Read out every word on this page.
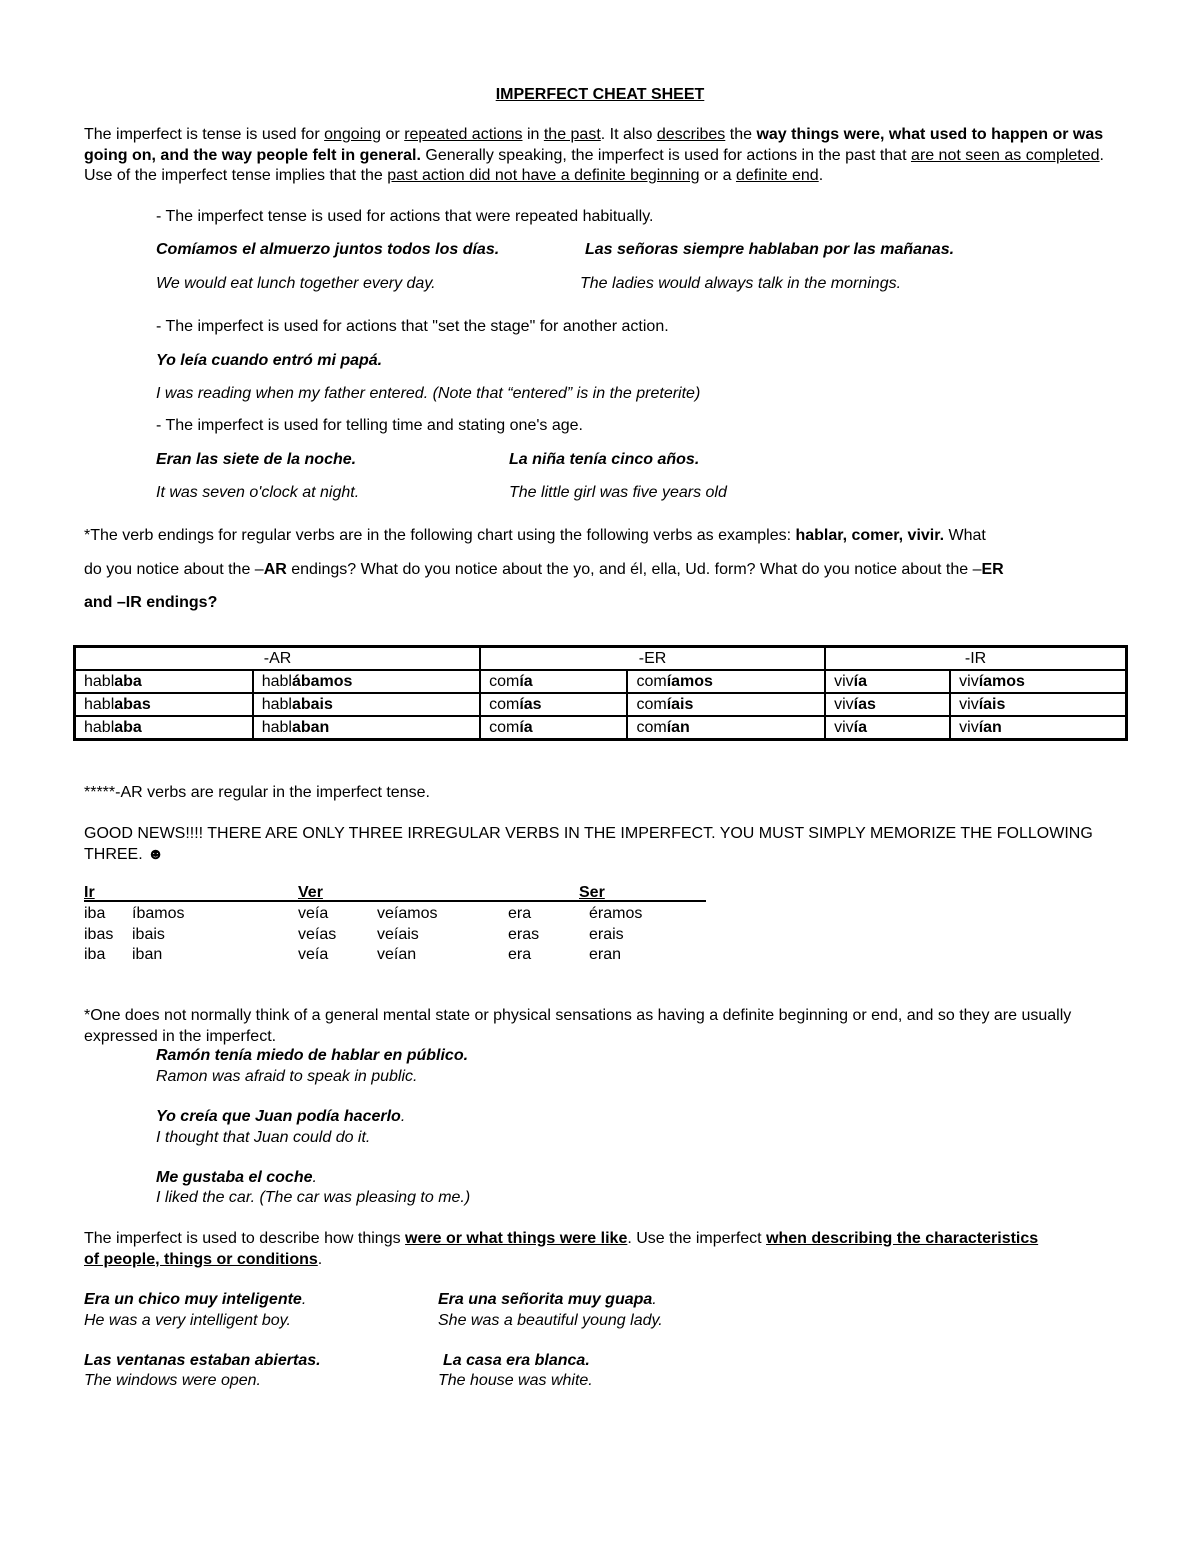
IMPERFECT CHEAT SHEET

The imperfect is tense is used for ongoing or repeated actions in the past. It also describes the way things were, what used to happen or was going on, and the way people felt in general. Generally speaking, the imperfect is used for actions in the past that are not seen as completed. Use of the imperfect tense implies that the past action did not have a definite beginning or a definite end.

- The imperfect tense is used for actions that were repeated habitually.
Comíamos el almuerzo juntos todos los días.	Las señoras siempre hablaban por las mañanas.
We would eat lunch together every day.	The ladies would always talk in the mornings.
- The imperfect is used for actions that "set the stage" for another action.
Yo leía cuando entró mi papá.
I was reading when my father entered. (Note that “entered” is in the preterite)
- The imperfect is used for telling time and stating one's age.
Eran las siete de la noche.	La niña tenía cinco años.
It was seven o'clock at night.	The little girl was five years old
*The verb endings for regular verbs are in the following chart using the following verbs as examples: hablar, comer, vivir. What
do you notice about the –AR endings? What do you notice about the yo, and él, ella, Ud. form? What do you notice about the –ER
and –IR endings?
-AR		-ER		-IR	
hablaba	hablábamos	comía	comíamos	vivía	vivíamos
hablabas	hablabais	comías	comíais	vivías	vivíais
hablaba	hablaban	comía	comían	vivía	vivían
*****-AR verbs are regular in the imperfect tense.

GOOD NEWS!!!! THERE ARE ONLY THREE IRREGULAR VERBS IN THE IMPERFECT. YOU MUST SIMPLY MEMORIZE THE FOLLOWING THREE. ☻

Ir	Ver	Ser
iba íbamos	veía	veíamos	era	éramos
ibas ibais	veías	veíais	eras	erais
iba iban	veía	veían	era	eran

*One does not normally think of a general mental state or physical sensations as having a definite beginning or end, and so they are usually expressed in the imperfect.

Ramón tenía miedo de hablar en público.
Ramon was afraid to speak in public.
Yo creía que Juan podía hacerlo.
I thought that Juan could do it.
Me gustaba el coche.
I liked the car. (The car was pleasing to me.)

The imperfect is used to describe how things were or what things were like. Use the imperfect when describing the characteristics of people, things or conditions.

Era un chico muy inteligente.	Era una señorita muy guapa.
He was a very intelligent boy.	She was a beautiful young lady.
Las ventanas estaban abiertas.	La casa era blanca.
The windows were open.	The house was white.
